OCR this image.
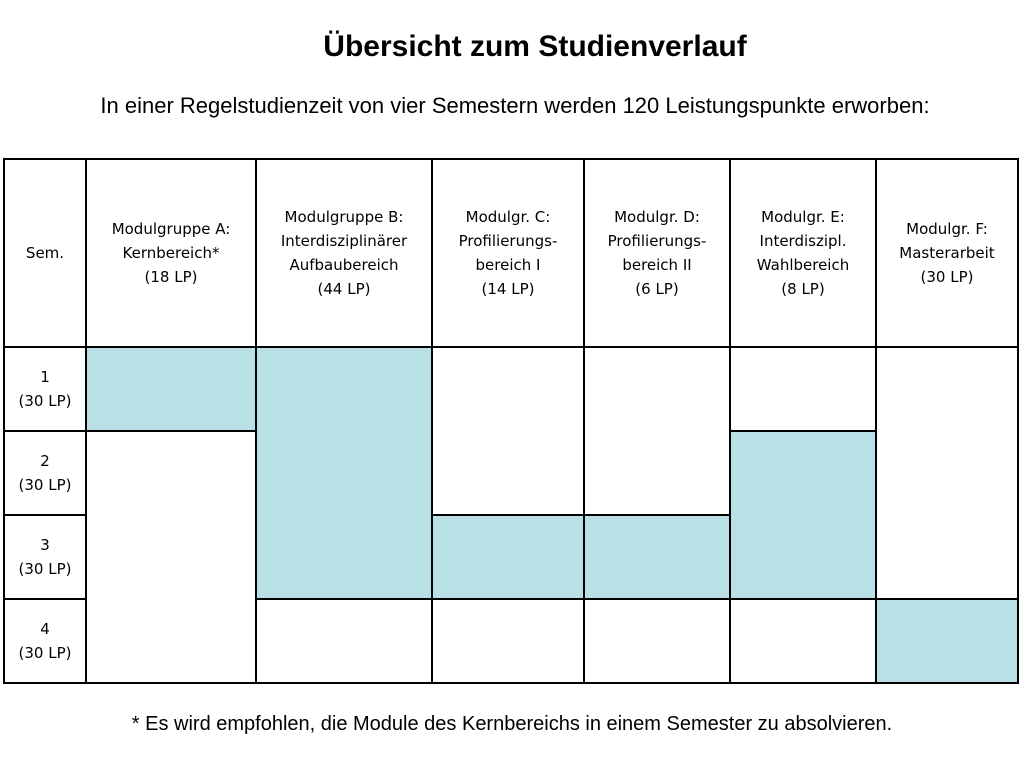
Übersicht zum Studienverlauf
In einer Regelstudienzeit von vier Semestern werden 120 Leistungspunkte erworben:
Sem.	Modulgruppe A:
Kernbereich*
(18 LP)	Modulgruppe B:
Interdisziplinärer
Aufbaubereich
(44 LP)	Modulgr. C:
Profilierungs-
bereich I
(14 LP)	Modulgr. D:
Profilierungs-
bereich II
(6 LP)	Modulgr. E:
Interdiszipl.
Wahlbereich
(8 LP)	Modulgr. F:
Masterarbeit
(30 LP)
1
(30 LP)						
2
(30 LP)						
3
(30 LP)						
4
(30 LP)						
* Es wird empfohlen, die Module des Kernbereichs in einem Semester zu absolvieren.
